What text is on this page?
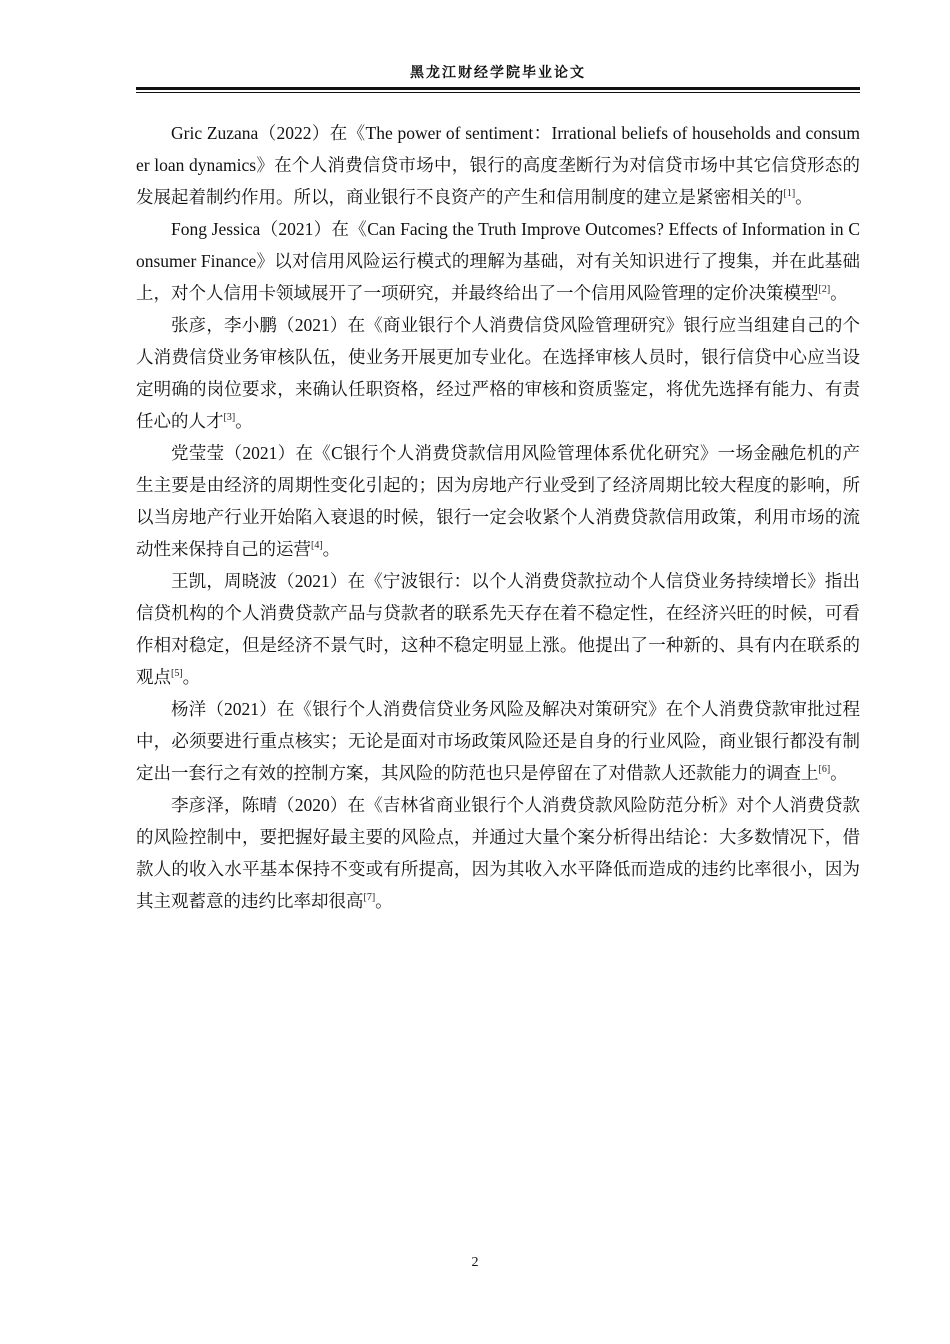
黑龙江财经学院毕业论文

Gric Zuzana（2022）在《The power of sentiment：Irrational beliefs of households and consumer loan dynamics》在个人消费信贷市场中，银行的高度垄断行为对信贷市场中其它信贷形态的发展起着制约作用。所以，商业银行不良资产的产生和信用制度的建立是紧密相关的[1]。

Fong Jessica（2021）在《Can Facing the Truth Improve Outcomes? Effects of Information in Consumer Finance》以对信用风险运行模式的理解为基础，对有关知识进行了搜集，并在此基础上，对个人信用卡领域展开了一项研究，并最终给出了一个信用风险管理的定价决策模型[2]。

张彦，李小鹏（2021）在《商业银行个人消费信贷风险管理研究》银行应当组建自己的个人消费信贷业务审核队伍，使业务开展更加专业化。在选择审核人员时，银行信贷中心应当设定明确的岗位要求，来确认任职资格，经过严格的审核和资质鉴定，将优先选择有能力、有责任心的人才[3]。

党莹莹（2021）在《C银行个人消费贷款信用风险管理体系优化研究》一场金融危机的产生主要是由经济的周期性变化引起的；因为房地产行业受到了经济周期比较大程度的影响，所以当房地产行业开始陷入衰退的时候，银行一定会收紧个人消费贷款信用政策，利用市场的流动性来保持自己的运营[4]。

王凯，周晓波（2021）在《宁波银行：以个人消费贷款拉动个人信贷业务持续增长》指出信贷机构的个人消费贷款产品与贷款者的联系先天存在着不稳定性，在经济兴旺的时候，可看作相对稳定，但是经济不景气时，这种不稳定明显上涨。他提出了一种新的、具有内在联系的观点[5]。

杨洋（2021）在《银行个人消费信贷业务风险及解决对策研究》在个人消费贷款审批过程中，必须要进行重点核实；无论是面对市场政策风险还是自身的行业风险，商业银行都没有制定出一套行之有效的控制方案，其风险的防范也只是停留在了对借款人还款能力的调查上[6]。

李彦泽，陈晴（2020）在《吉林省商业银行个人消费贷款风险防范分析》对个人消费贷款的风险控制中，要把握好最主要的风险点，并通过大量个案分析得出结论：大多数情况下，借款人的收入水平基本保持不变或有所提高，因为其收入水平降低而造成的违约比率很小，因为其主观蓄意的违约比率却很高[7]。

2
